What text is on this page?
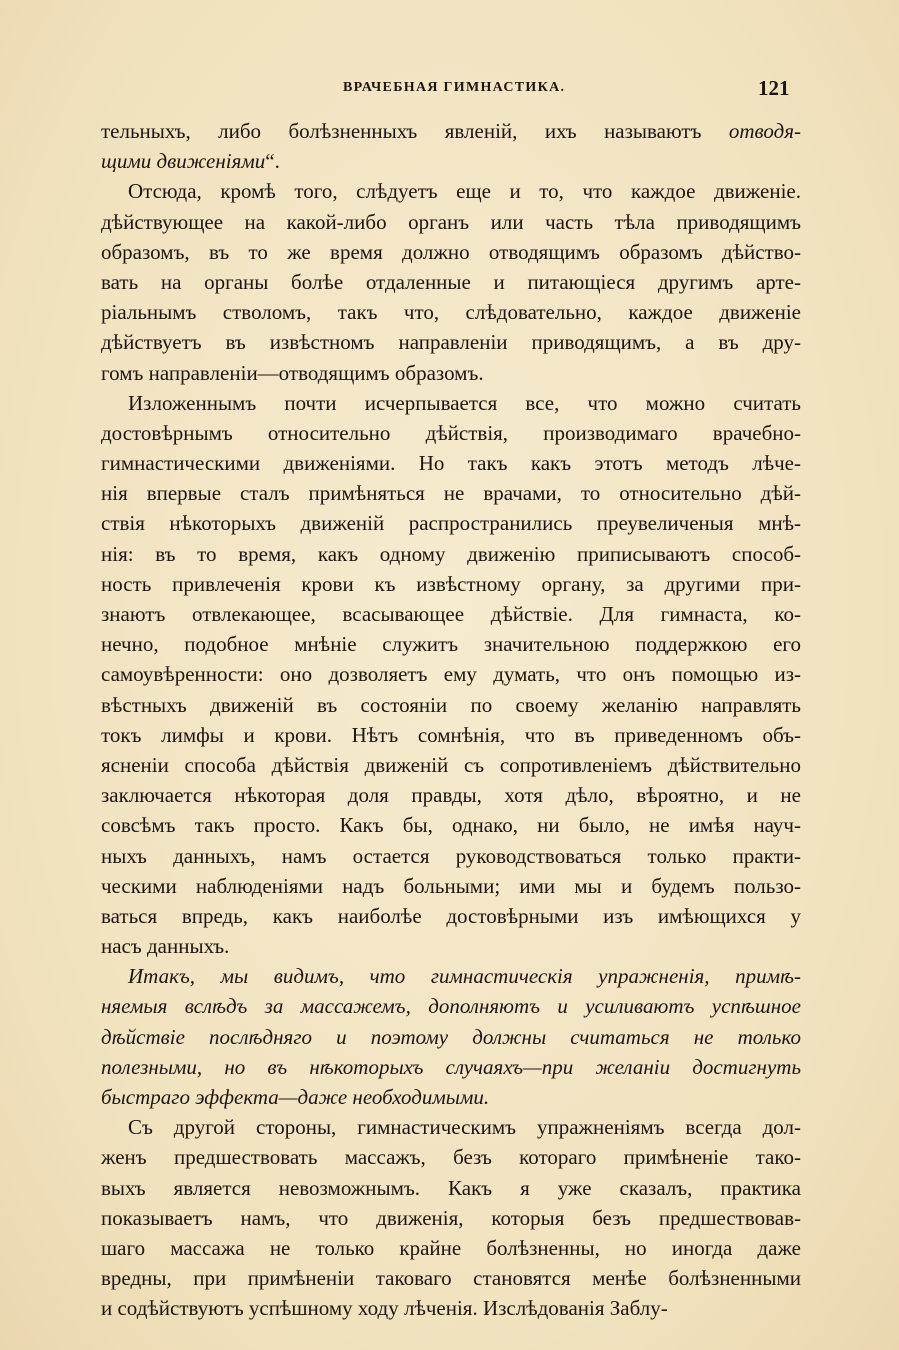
ВРАЧЕБНАЯ ГИМНАСТИКА.	121
тельныхъ, либо болѣзненныхъ явленій, ихъ называютъ отводя-
щими движеніями“.
Отсюда, кромѣ того, слѣдуетъ еще и то, что каждое движеніе.
дѣйствующее на какой-либо органъ или часть тѣла приводящимъ
образомъ, въ то же время должно отводящимъ образомъ дѣйство-
вать на органы болѣе отдаленные и питающіеся другимъ арте-
ріальнымъ стволомъ, такъ что, слѣдовательно, каждое движеніе
дѣйствуетъ въ извѣстномъ направленіи приводящимъ, а въ дру-
гомъ направленіи—отводящимъ образомъ.
Изложеннымъ почти исчерпывается все, что можно считать
достовѣрнымъ относительно дѣйствія, производимаго врачебно-
гимнастическими движеніями. Но такъ какъ этотъ методъ лѣче-
нія впервые сталъ примѣняться не врачами, то относительно дѣй-
ствія нѣкоторыхъ движеній распространились преувеличеныя мнѣ-
нія: въ то время, какъ одному движенію приписываютъ способ-
ность привлеченія крови къ извѣстному органу, за другими при-
знаютъ отвлекающее, всасывающее дѣйствіе. Для гимнаста, ко-
нечно, подобное мнѣніе служитъ значительною поддержкою его
самоувѣренности: оно дозволяетъ ему думать, что онъ помощью из-
вѣстныхъ движеній въ состояніи по своему желанію направлять
токъ лимфы и крови. Нѣтъ сомнѣнія, что въ приведенномъ объ-
ясненіи способа дѣйствія движеній съ сопротивленіемъ дѣйствительно
заключается нѣкоторая доля правды, хотя дѣло, вѣроятно, и не
совсѣмъ такъ просто. Какъ бы, однако, ни было, не имѣя науч-
ныхъ данныхъ, намъ остается руководствоваться только практи-
ческими наблюденіями надъ больными; ими мы и будемъ пользо-
ваться впредь, какъ наиболѣе достовѣрными изъ имѣющихся у
насъ данныхъ.
Итакъ, мы видимъ, что гимнастическія упражненія, примѣ-
няемыя вслѣдъ за массажемъ, дополняютъ и усиливаютъ успѣшное
дѣйствіе послѣдняго и поэтому должны считаться не только
полезными, но въ нѣкоторыхъ случаяхъ—при желаніи достигнуть
быстраго эффекта—даже необходимыми.
Съ другой стороны, гимнастическимъ упражненіямъ всегда дол-
женъ предшествовать массажъ, безъ котораго примѣненіе тако-
выхъ является невозможнымъ. Какъ я уже сказалъ, практика
показываетъ намъ, что движенія, которыя безъ предшествовав-
шаго массажа не только крайне болѣзненны, но иногда даже
вредны, при примѣненіи таковаго становятся менѣе болѣзненными
и содѣйствуютъ успѣшному ходу лѣченія. Изслѣдованія Заблу-
